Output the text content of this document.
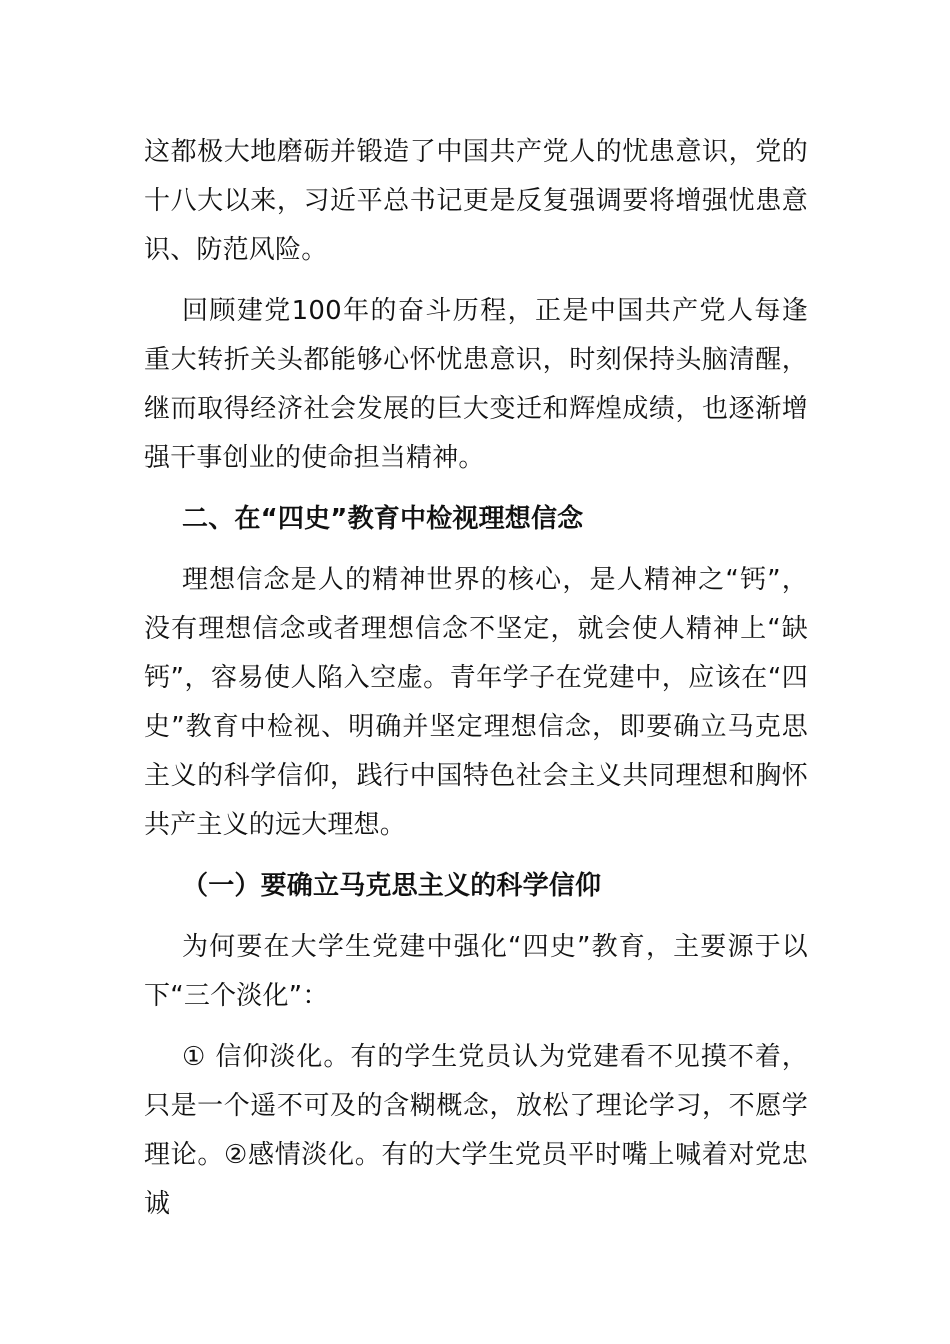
这都极大地磨砺并锻造了中国共产党人的忧患意识，党的十八大以来，习近平总书记更是反复强调要将增强忧患意识、防范风险。

回顾建党100年的奋斗历程，正是中国共产党人每逢重大转折关头都能够心怀忧患意识，时刻保持头脑清醒，继而取得经济社会发展的巨大变迁和辉煌成绩，也逐渐增强干事创业的使命担当精神。

二、在“四史”教育中检视理想信念

理想信念是人的精神世界的核心，是人精神之“钙”，没有理想信念或者理想信念不坚定，就会使人精神上“缺钙”，容易使人陷入空虚。青年学子在党建中，应该在“四史”教育中检视、明确并坚定理想信念，即要确立马克思主义的科学信仰，践行中国特色社会主义共同理想和胸怀共产主义的远大理想。

（一）要确立马克思主义的科学信仰

为何要在大学生党建中强化“四史”教育，主要源于以下“三个淡化”：

① 信仰淡化。有的学生党员认为党建看不见摸不着，只是一个遥不可及的含糊概念，放松了理论学习，不愿学理论。②感情淡化。有的大学生党员平时嘴上喊着对党忠诚
